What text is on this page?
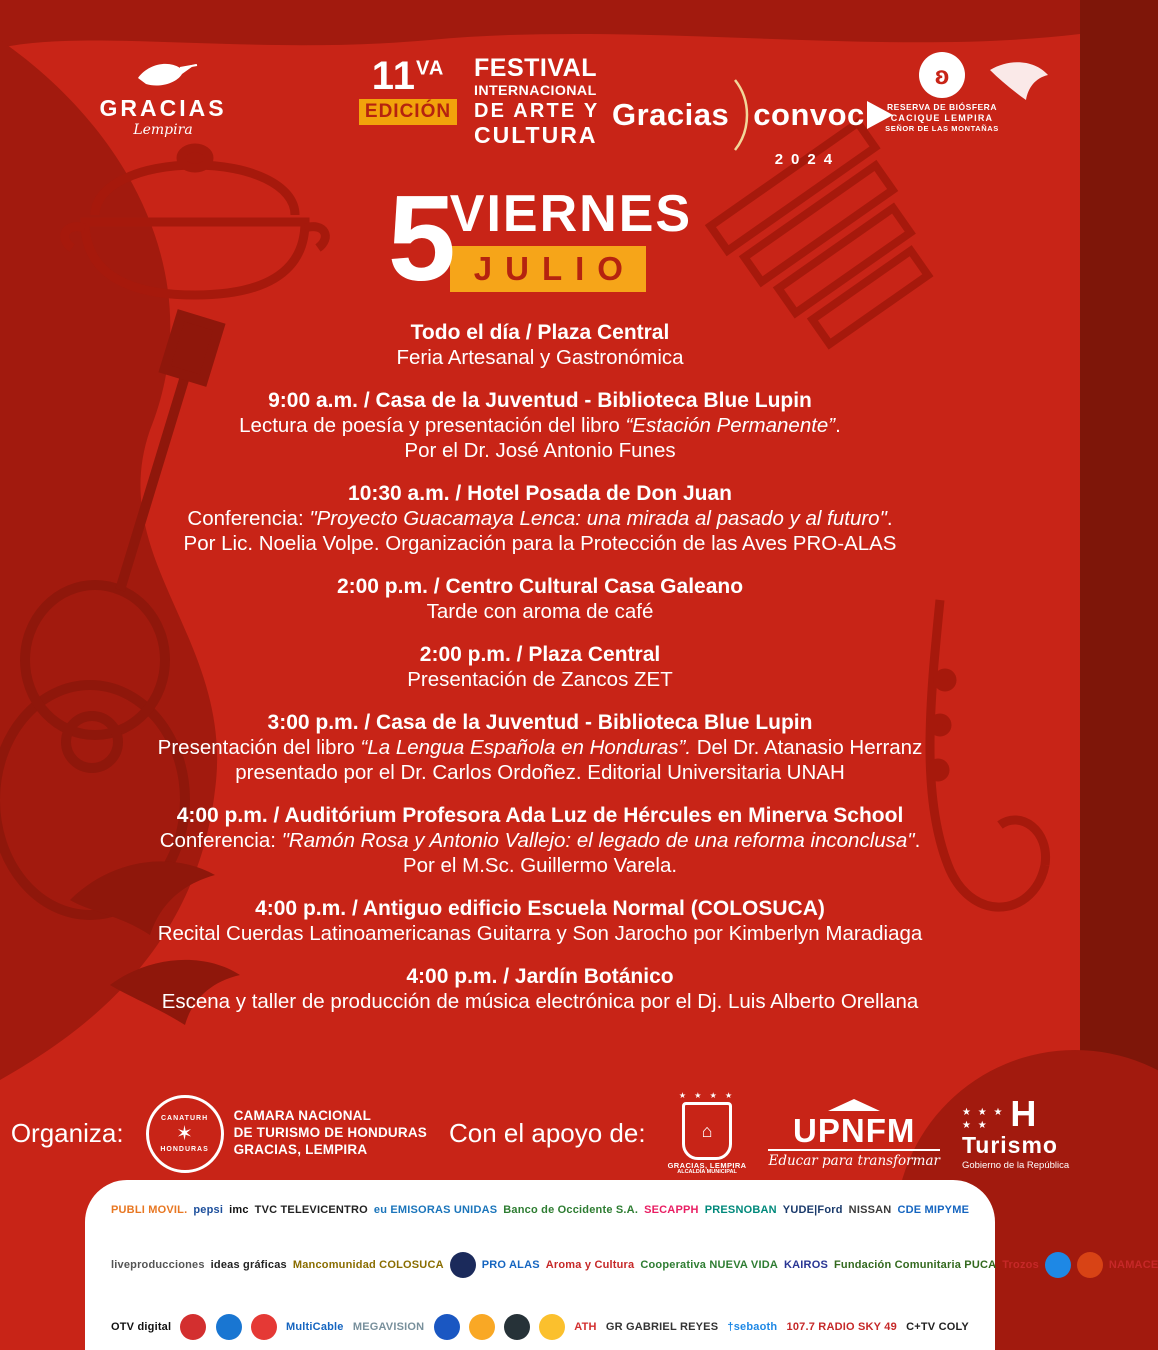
GRACIAS
Lempira
$11^{VA}$
EDICIÓN
FESTIVAL
INTERNACIONAL
DE ARTE Y
CULTURA
Gracias convoc
2024
ʚ
RESERVA DE BIÓSFERA
CACIQUE LEMPIRA
SEÑOR DE LAS MONTAÑAS
5
VIERNES
JULIO
Todo el día / Plaza Central
Feria Artesanal y Gastronómica
9:00 a.m. / Casa de la Juventud - Biblioteca Blue Lupin
Lectura de poesía y presentación del libro “Estación Permanente”.
Por el Dr. José Antonio Funes
10:30 a.m. / Hotel Posada de Don Juan
Conferencia: "Proyecto Guacamaya Lenca: una mirada al pasado y al futuro".
Por Lic. Noelia Volpe. Organización para la Protección de las Aves PRO-ALAS
2:00 p.m. / Centro Cultural Casa Galeano
Tarde con aroma de café
2:00 p.m. / Plaza Central
Presentación de Zancos ZET
3:00 p.m. / Casa de la Juventud - Biblioteca Blue Lupin
Presentación del libro “La Lengua Española en Honduras”. Del Dr. Atanasio Herranz
presentado por el Dr. Carlos Ordoñez. Editorial Universitaria UNAH
4:00 p.m. / Auditórium Profesora Ada Luz de Hércules en Minerva School
Conferencia: "Ramón Rosa y Antonio Vallejo: el legado de una reforma inconclusa".
Por el M.Sc. Guillermo Varela.
4:00 p.m. / Antiguo edificio Escuela Normal (COLOSUCA)
Recital Cuerdas Latinoamericanas Guitarra y Son Jarocho por Kimberlyn Maradiaga
4:00 p.m. / Jardín Botánico
Escena y taller de producción de música electrónica por el Dj. Luis Alberto Orellana
Organiza:	CANATURH
✶
HONDURAS
CAMARA NACIONAL
DE TURISMO DE HONDURAS
GRACIAS, LEMPIRA
Con el apoyo de:
★ ★ ★ ★
⌂
GRACIAS, LEMPIRA
ALCALDÍA MUNICIPAL
UPNFM
Educar para transformar
★ ★ ★
★ ★ H
Turismo
Gobierno de la República
PUBLI MOVIL. pepsi imc TVC TELEVICENTRO eu EMISORAS UNIDAS Banco de Occidente S.A. SECAPPH PRESNOBAN YUDE|Ford NISSAN CDE MIPYME
liveproducciones ideas gráficas Mancomunidad COLOSUCA	PRO ALAS Aroma y Cultura Cooperativa NUEVA VIDA KAIROS Fundación Comunitaria PUCA Trozos	NAMACE
OTV digital	MultiCable MEGAVISION	ATH GR GABRIEL REYES †sebaoth 107.7 RADIO SKY 49 C+TV COLY
